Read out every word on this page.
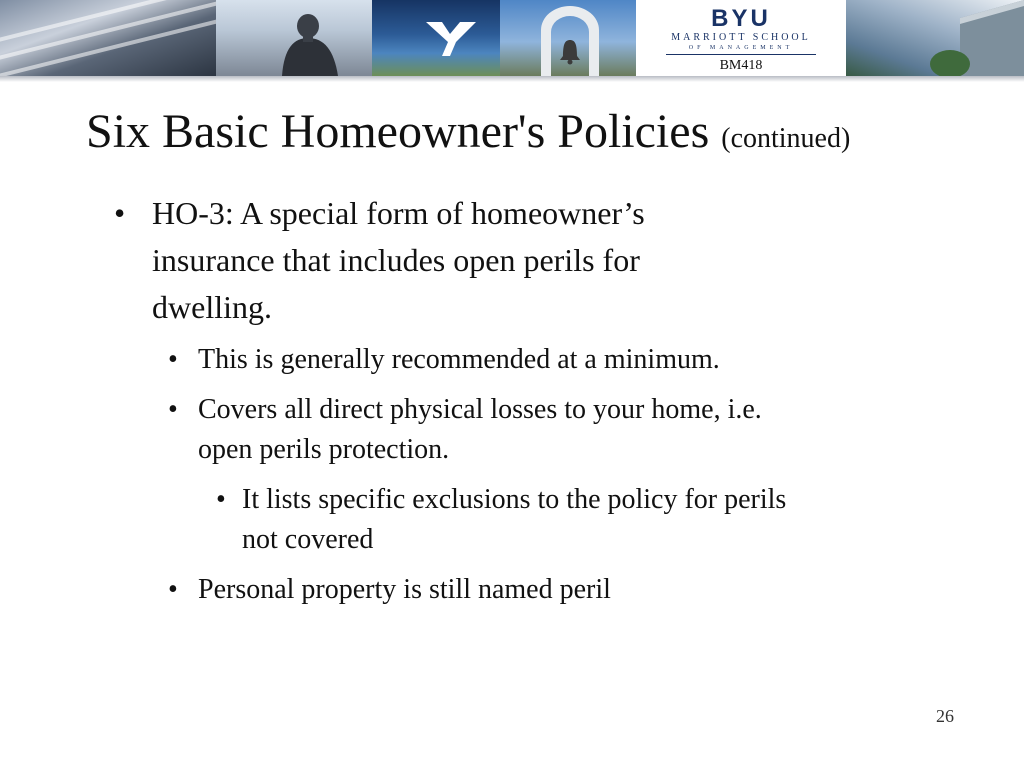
BYU
MARRIOTT SCHOOL
OF MANAGEMENT
BM418
Six Basic Homeowner's Policies (continued)
• HO-3: A special form of homeowner’s
insurance that includes open perils for
dwelling.
• This is generally recommended at a minimum.
• Covers all direct physical losses to your home, i.e.
open perils protection.
• It lists specific exclusions to the policy for perils
not covered
• Personal property is still named peril
26
